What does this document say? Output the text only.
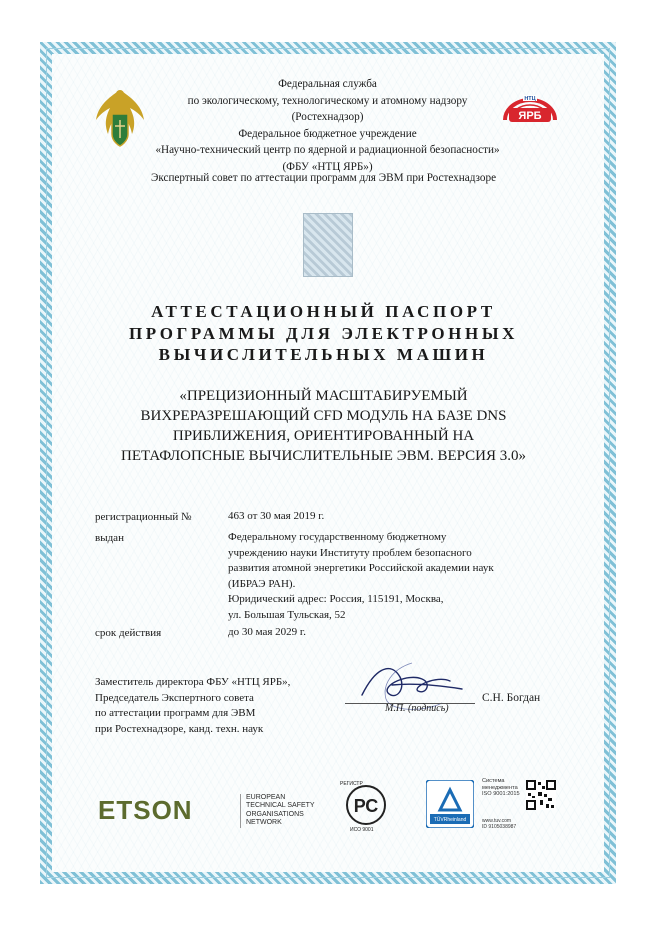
Федеральная служба
по экологическому, технологическому и атомному надзору
(Ростехнадзор)
Федеральное бюджетное учреждение
«Научно-технический центр по ядерной и радиационной безопасности»
(ФБУ «НТЦ ЯРБ»)
НТЦ
ЯРБ
Экспертный совет по аттестации программ для ЭВМ при Ростехнадзоре
АТТЕСТАЦИОННЫЙ ПАСПОРТ
ПРОГРАММЫ ДЛЯ ЭЛЕКТРОННЫХ
ВЫЧИСЛИТЕЛЬНЫХ МАШИН
«ПРЕЦИЗИОННЫЙ МАСШТАБИРУЕМЫЙ
ВИХРЕРАЗРЕШАЮЩИЙ CFD МОДУЛЬ НА БАЗЕ DNS
ПРИБЛИЖЕНИЯ, ОРИЕНТИРОВАННЫЙ НА
ПЕТАФЛОПСНЫЕ ВЫЧИСЛИТЕЛЬНЫЕ ЭВМ. ВЕРСИЯ 3.0»
регистрационный №	463 от 30 мая 2019 г.
выдан	Федеральному государственному бюджетному
учреждению науки Институту проблем безопасного
развития атомной энергетики Российской академии наук
(ИБРАЭ РАН).
Юридический адрес: Россия, 115191, Москва,
ул. Большая Тульская, 52
срок действия	до 30 мая 2029 г.
Заместитель директора ФБУ «НТЦ ЯРБ»,
Председатель Экспертного совета
по аттестации программ для ЭВМ
при Ростехнадзоре, канд. техн. наук
М.П. (подпись)
С.Н. Богдан
ETSON	EUROPEAN
TECHNICAL SAFETY
ORGANISATIONS
NETWORK
РЕГИСТР
РС
ИСО 9001
TÜVRheinland
Система
менеджмента
ISO 9001:2015
www.tuv.com
ID 9105038987
